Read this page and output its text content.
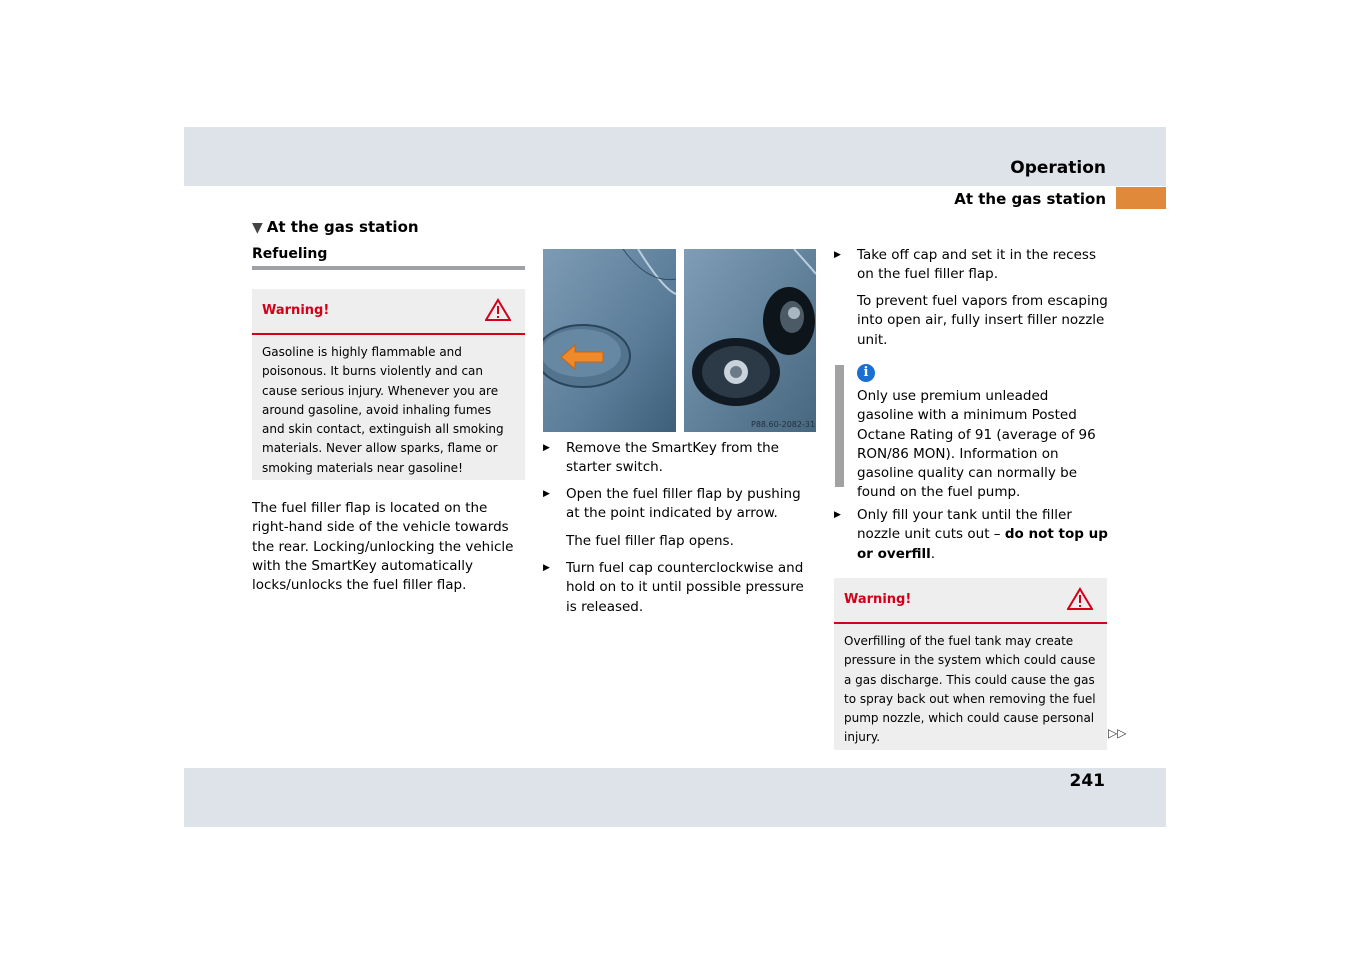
Operation
At the gas station
▼ At the gas station
Refueling
Warning!
Gasoline is highly flammable and poisonous. It burns violently and can cause serious injury. Whenever you are around gasoline, avoid inhaling fumes and skin contact, extinguish all smoking materials. Never allow sparks, flame or smoking materials near gasoline!
The fuel filler flap is located on the right-hand side of the vehicle towards the rear. Locking/unlocking the vehicle with the SmartKey automatically locks/unlocks the fuel filler flap.
P88.60-2082-31
▶ Remove the SmartKey from the starter switch.
▶ Open the fuel filler flap by pushing at the point indicated by arrow.
The fuel filler flap opens.
▶ Turn fuel cap counterclockwise and hold on to it until possible pressure is released.
▶ Take off cap and set it in the recess on the fuel filler flap.
To prevent fuel vapors from escaping into open air, fully insert filler nozzle unit.
i
Only use premium unleaded gasoline with a minimum Posted Octane Rating of 91 (average of 96 RON/86 MON). Information on gasoline quality can normally be found on the fuel pump.
▶ Only fill your tank until the filler nozzle unit cuts out – do not top up or overfill.
Warning!
Overfilling of the fuel tank may create pressure in the system which could cause a gas discharge. This could cause the gas to spray back out when removing the fuel pump nozzle, which could cause personal injury.	▷▷
241
